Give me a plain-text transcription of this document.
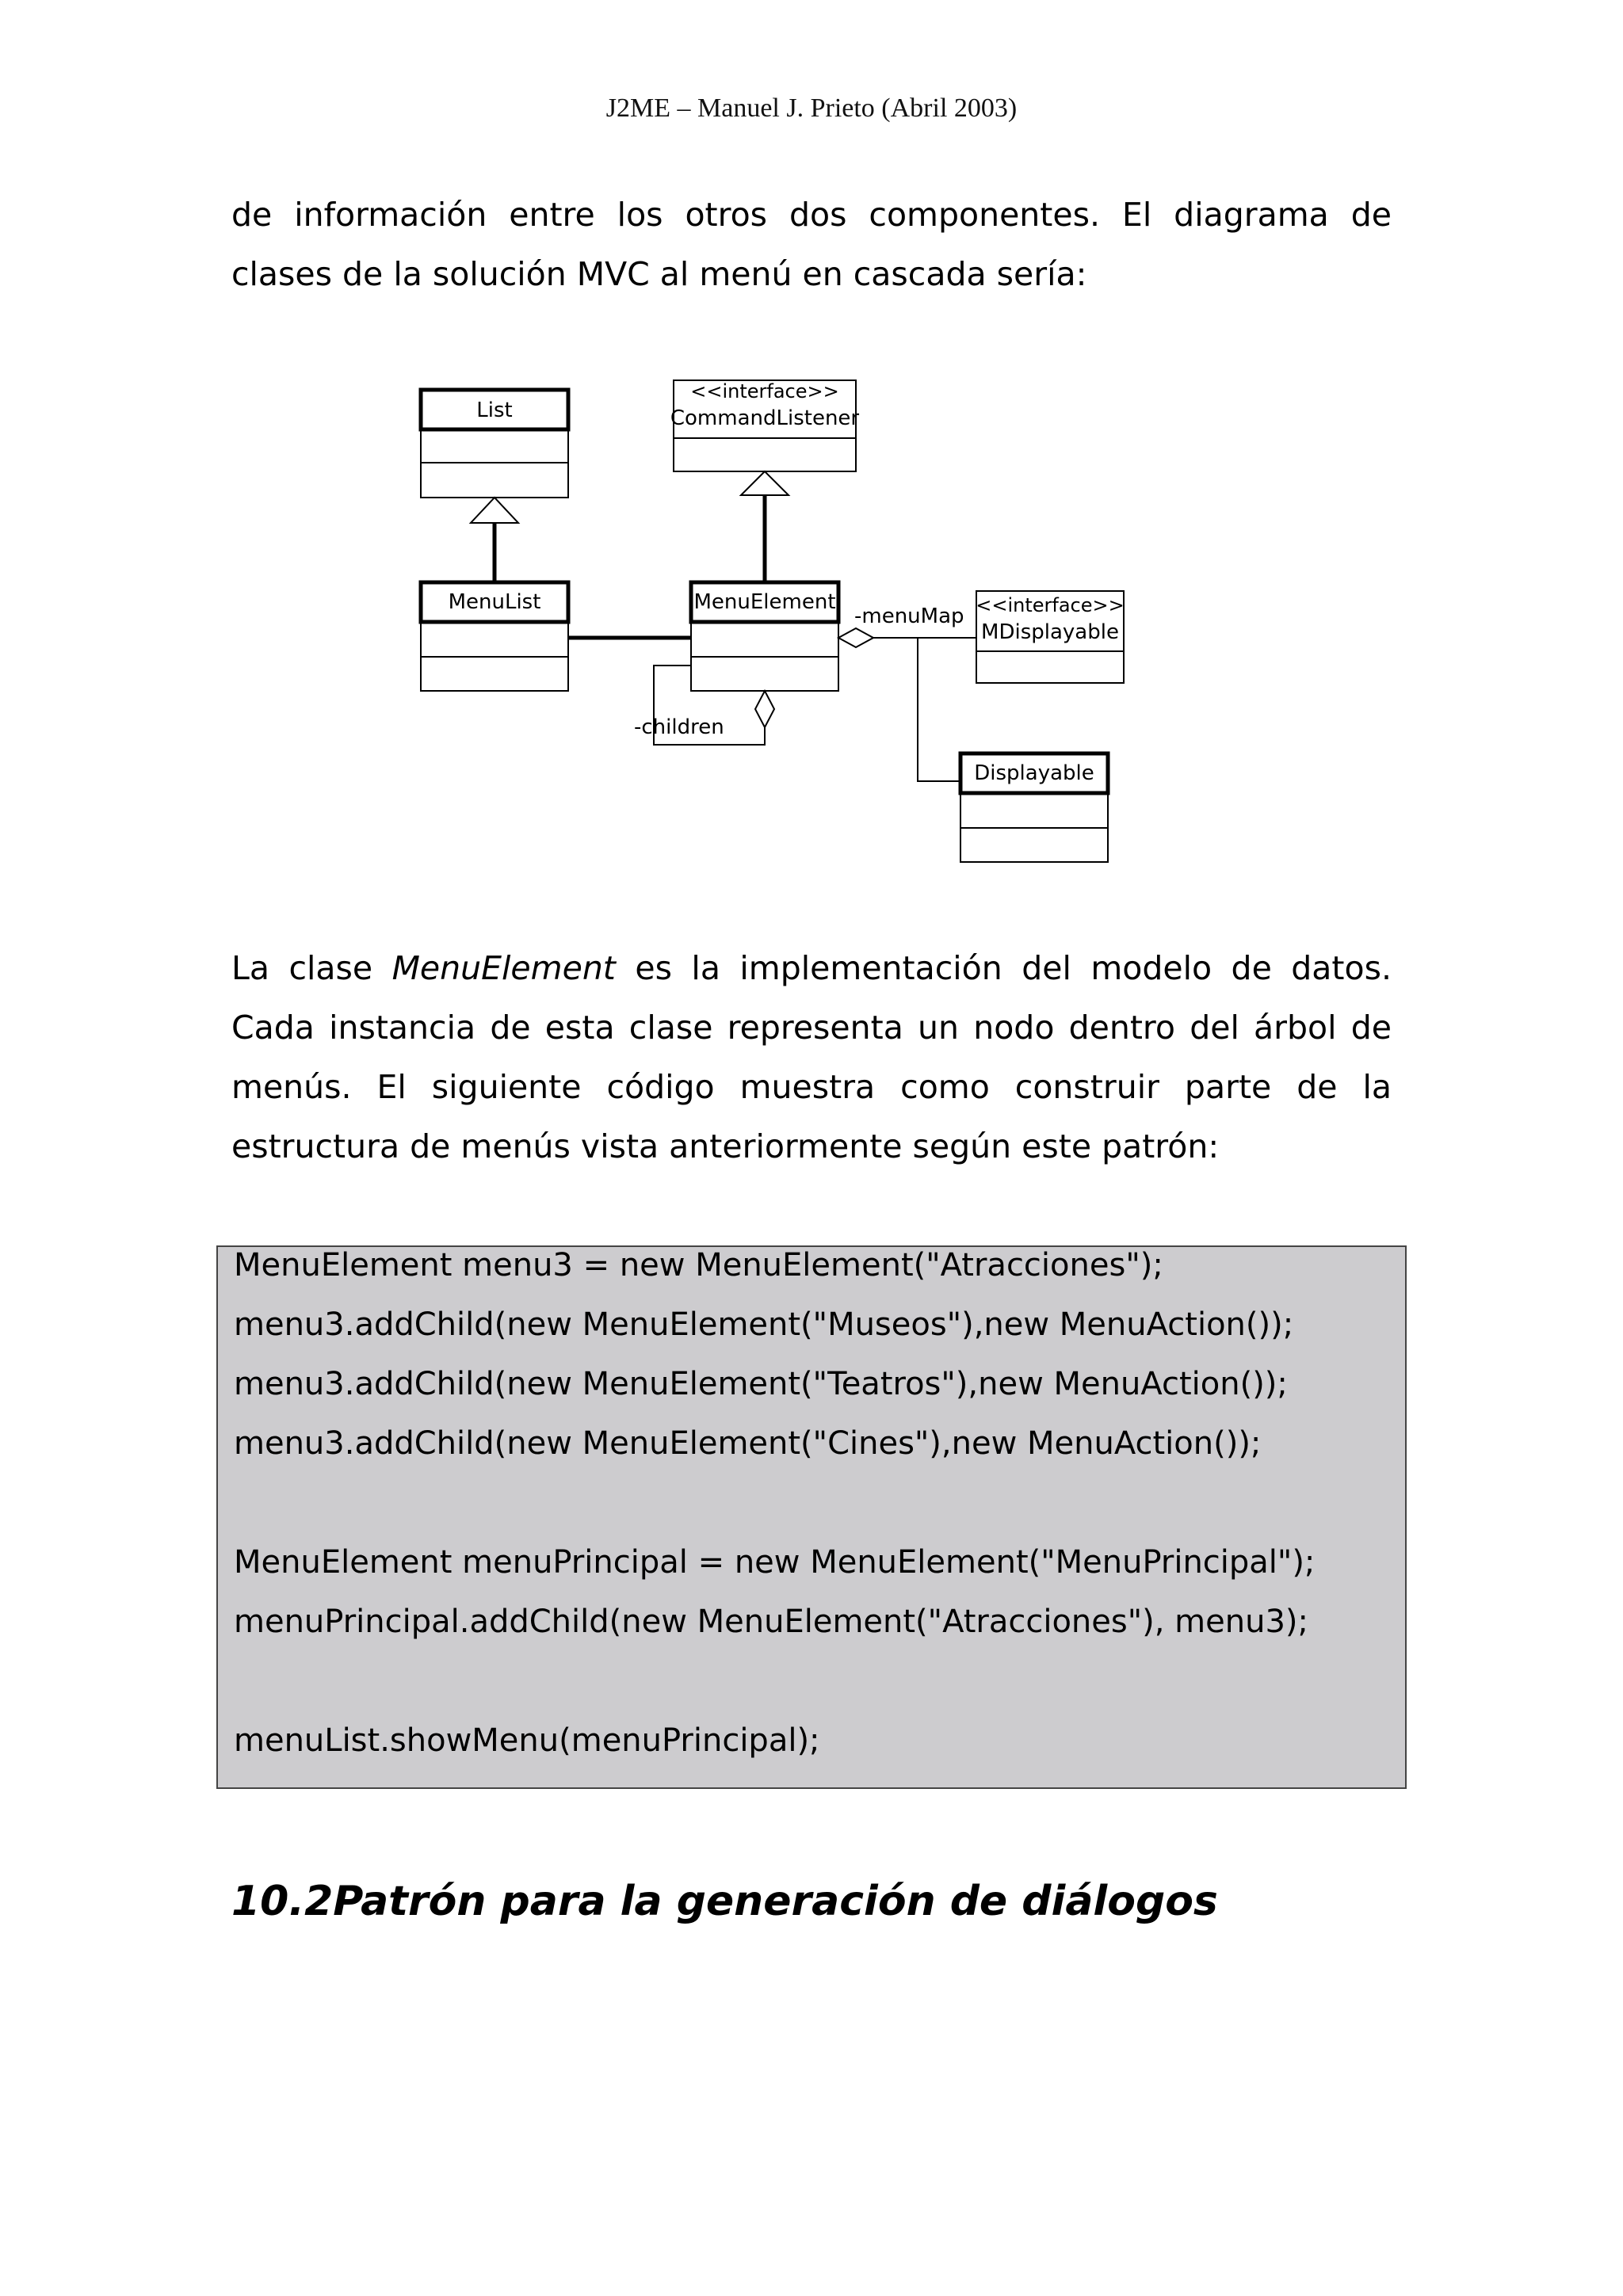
J2ME – Manuel J. Prieto (Abril 2003)
de información entre los otros dos componentes. El diagrama de
clases de la solución MVC al menú en cascada sería:
List
<<interface>>
CommandListener
MenuList	MenuElement	<<interface>>
MDisplayable
Displayable
-menuMap
-children
La clase MenuElement es la implementación del modelo de datos.
Cada instancia de esta clase representa un nodo dentro del árbol de
menús. El siguiente código muestra como construir parte de la
estructura de menús vista anteriormente según este patrón:
MenuElement menu3 = new MenuElement("Atracciones");
menu3.addChild(new MenuElement("Museos"),new MenuAction());
menu3.addChild(new MenuElement("Teatros"),new MenuAction());
menu3.addChild(new MenuElement("Cines"),new MenuAction());
MenuElement menuPrincipal = new MenuElement("MenuPrincipal");
menuPrincipal.addChild(new MenuElement("Atracciones"), menu3);
menuList.showMenu(menuPrincipal);
10.2Patrón para la generación de diálogos
